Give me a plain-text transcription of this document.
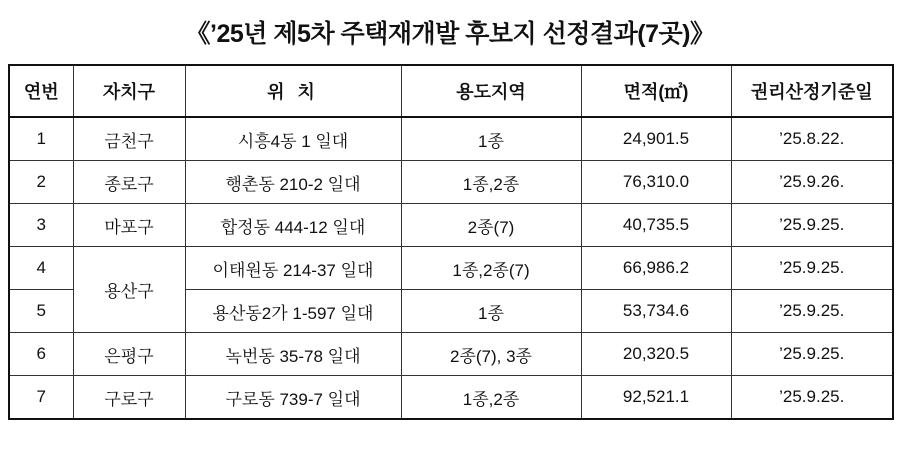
《’25년 제5차 주택재개발 후보지 선정결과(7곳)》
연번	자치구	위 치	용도지역	면적(㎡)	권리산정기준일
1	금천구	시흥4동 1 일대	1종	24,901.5	’25.8.22.
2	종로구	행촌동 210-2 일대	1종,2종	76,310.0	’25.9.26.
3	마포구	합정동 444-12 일대	2종(7)	40,735.5	’25.9.25.
4	용산구	이태원동 214-37 일대	1종,2종(7)	66,986.2	’25.9.25.
5		용산동2가 1-597 일대	1종	53,734.6	’25.9.25.
6	은평구	녹번동 35-78 일대	2종(7), 3종	20,320.5	’25.9.25.
7	구로구	구로동 739-7 일대	1종,2종	92,521.1	’25.9.25.
